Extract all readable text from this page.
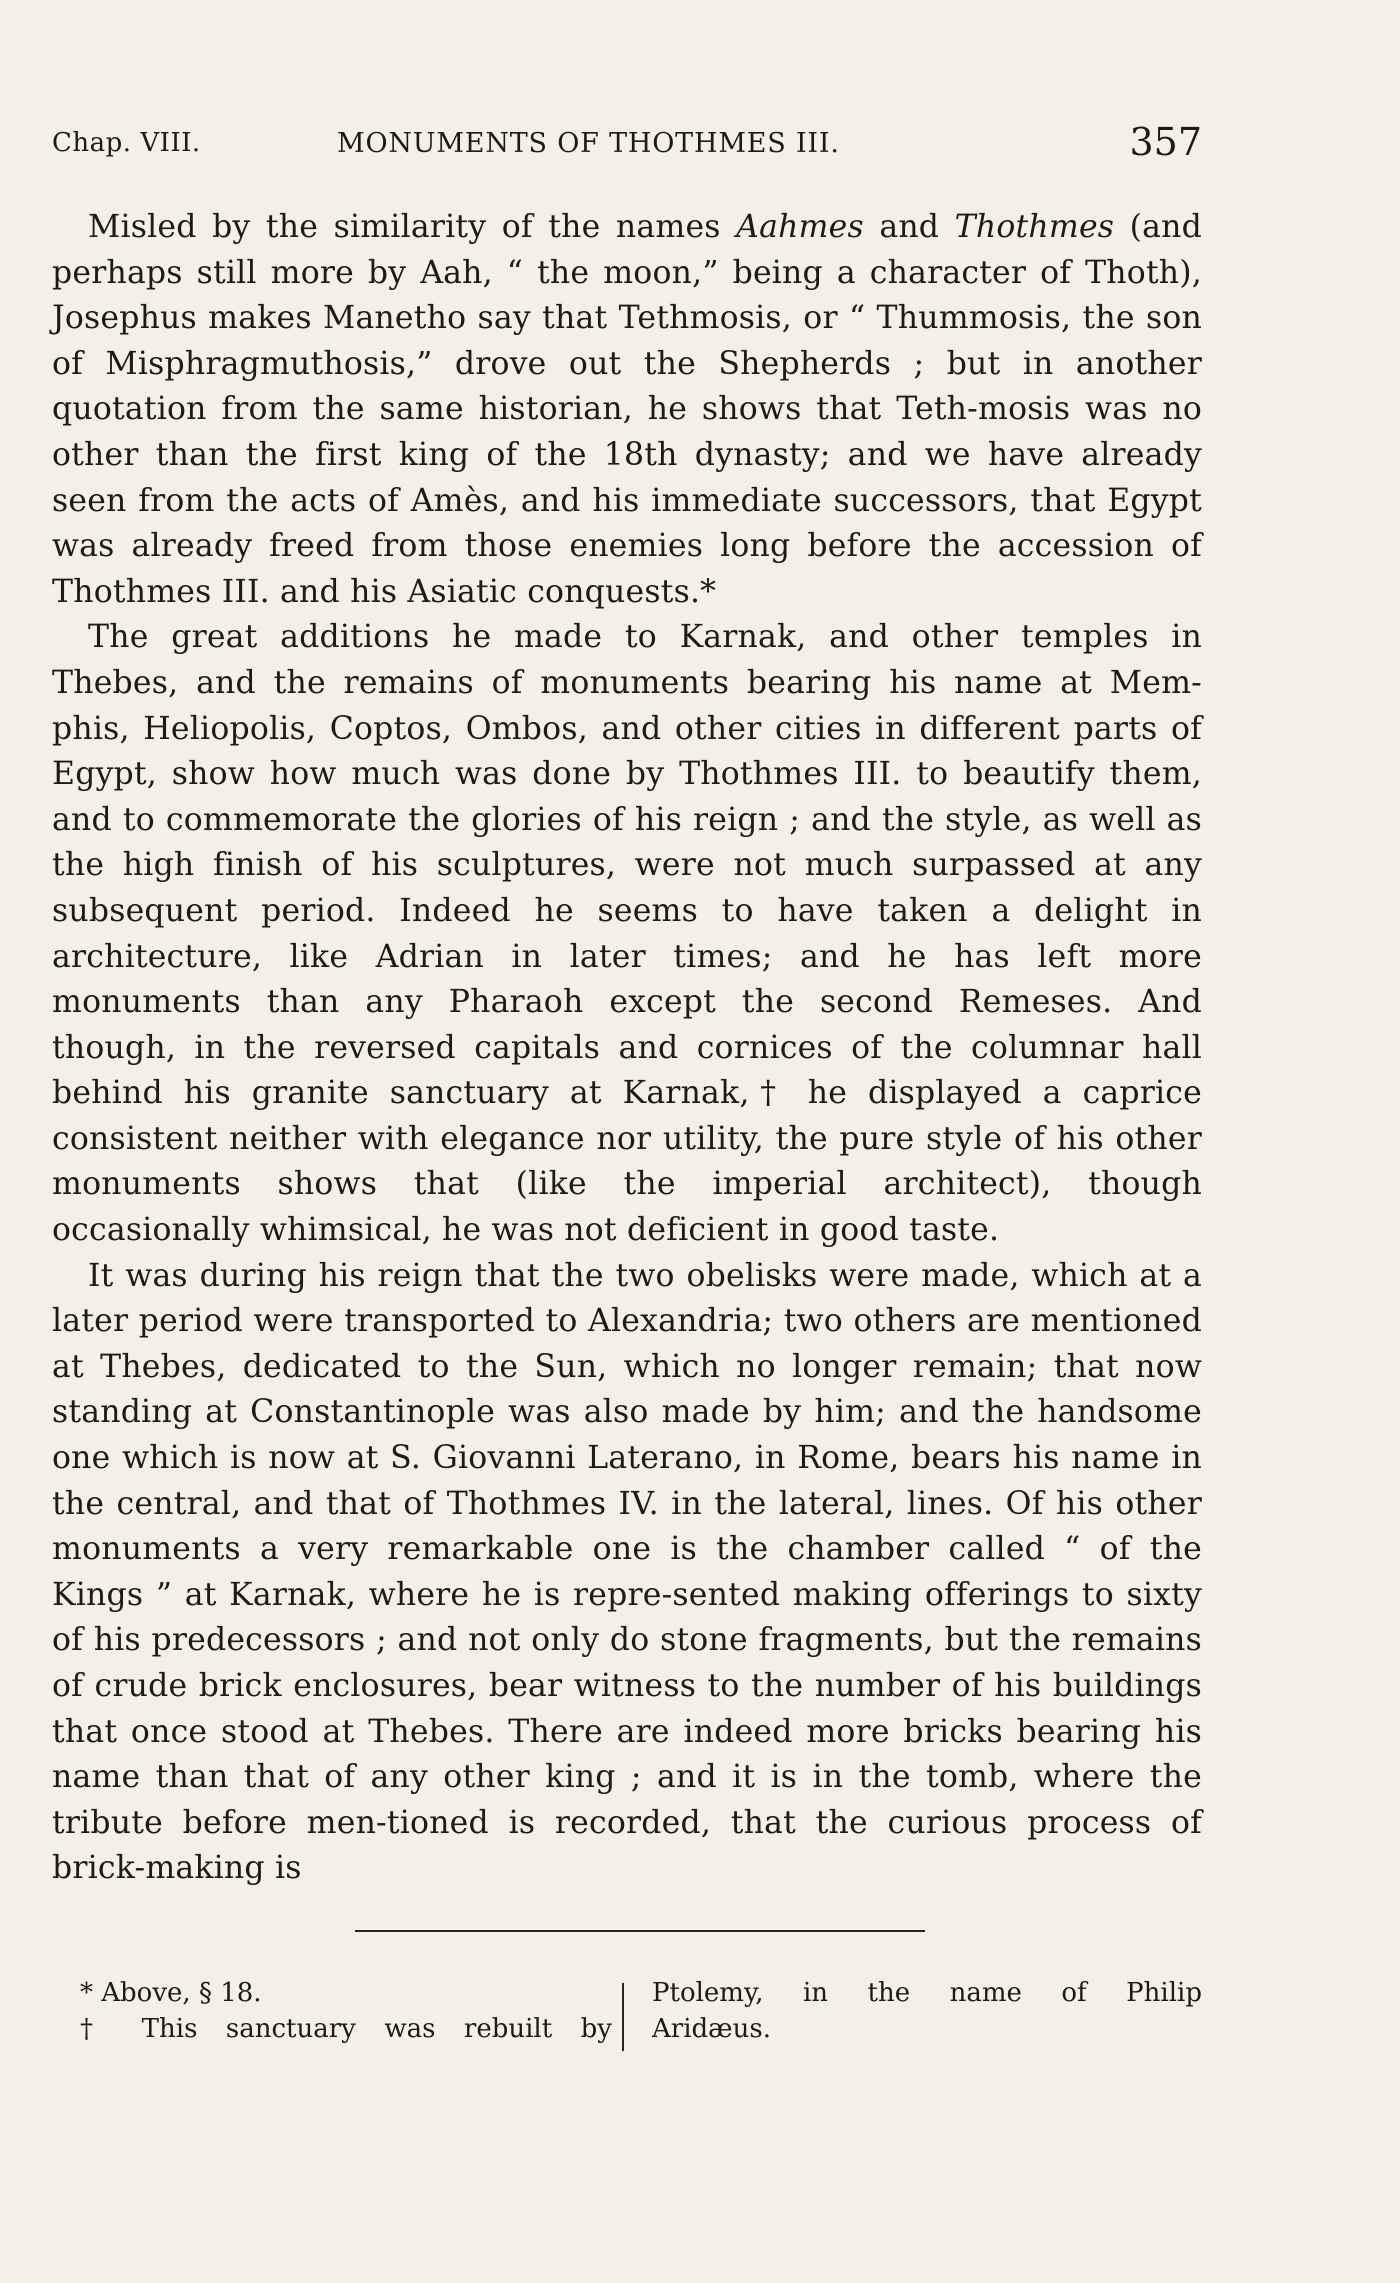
Chap. VIII.	MONUMENTS OF THOTHMES III.	357

Misled by the similarity of the names Aahmes and Thothmes (and perhaps still more by Aah, “ the moon,” being a character of Thoth), Josephus makes Manetho say that Tethmosis, or “ Thummosis, the son of Misphragmuthosis,” drove out the Shepherds ; but in another quotation from the same historian, he shows that Teth-mosis was no other than the first king of the 18th dynasty; and we have already seen from the acts of Amès, and his immediate successors, that Egypt was already freed from those enemies long before the accession of Thothmes III. and his Asiatic conquests.*

The great additions he made to Karnak, and other temples in Thebes, and the remains of monuments bearing his name at Mem-phis, Heliopolis, Coptos, Ombos, and other cities in different parts of Egypt, show how much was done by Thothmes III. to beautify them, and to commemorate the glories of his reign ; and the style, as well as the high finish of his sculptures, were not much surpassed at any subsequent period. Indeed he seems to have taken a delight in architecture, like Adrian in later times; and he has left more monuments than any Pharaoh except the second Remeses. And though, in the reversed capitals and cornices of the columnar hall behind his granite sanctuary at Karnak,† he displayed a caprice consistent neither with elegance nor utility, the pure style of his other monuments shows that (like the imperial architect), though occasionally whimsical, he was not deficient in good taste.

It was during his reign that the two obelisks were made, which at a later period were transported to Alexandria; two others are mentioned at Thebes, dedicated to the Sun, which no longer remain; that now standing at Constantinople was also made by him; and the handsome one which is now at S. Giovanni Laterano, in Rome, bears his name in the central, and that of Thothmes IV. in the lateral, lines. Of his other monuments a very remarkable one is the chamber called “ of the Kings ” at Karnak, where he is repre-sented making offerings to sixty of his predecessors ; and not only do stone fragments, but the remains of crude brick enclosures, bear witness to the number of his buildings that once stood at Thebes. There are indeed more bricks bearing his name than that of any other king ; and it is in the tomb, where the tribute before men-tioned is recorded, that the curious process of brick-making is

* Above, § 18.
† This sanctuary was rebuilt by
Ptolemy, in the name of Philip
Aridæus.
